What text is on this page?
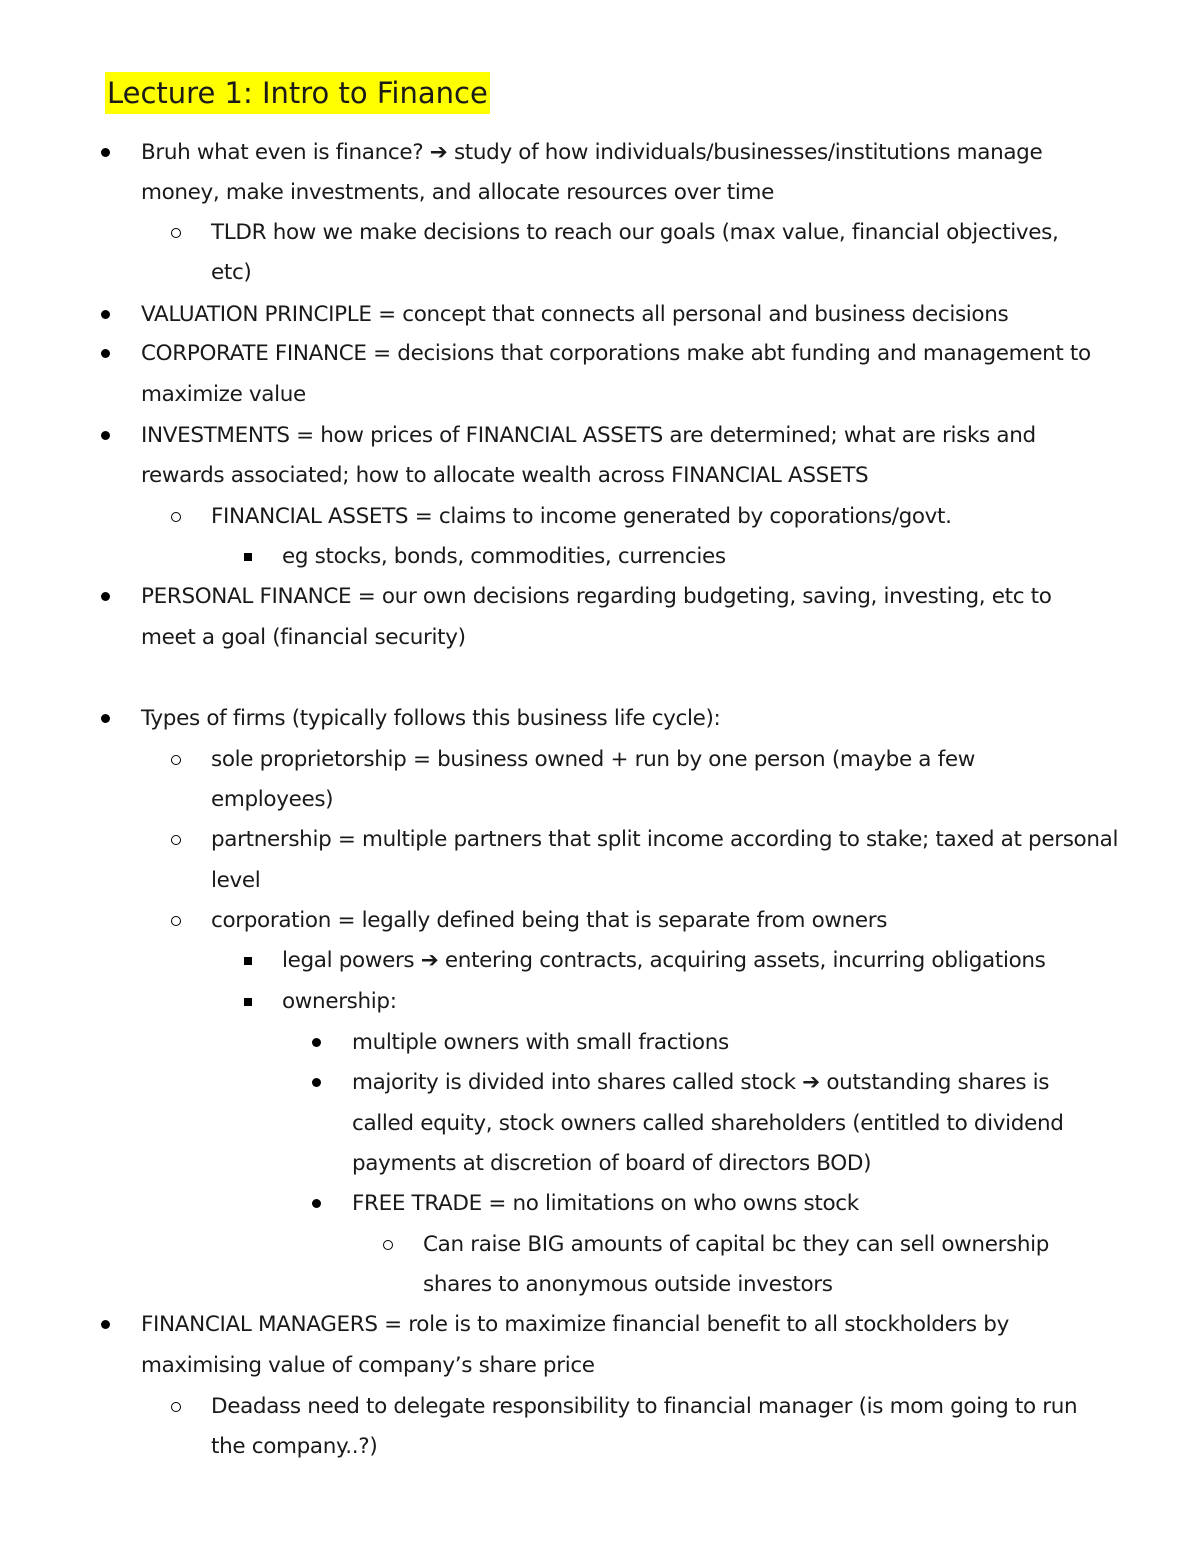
Lecture 1: Intro to Finance
Bruh what even is finance? ➔ study of how individuals/businesses/institutions manage
money, make investments, and allocate resources over time
TLDR how we make decisions to reach our goals (max value, financial objectives,
etc)
VALUATION PRINCIPLE = concept that connects all personal and business decisions
CORPORATE FINANCE = decisions that corporations make abt funding and management to
maximize value
INVESTMENTS = how prices of FINANCIAL ASSETS are determined; what are risks and
rewards associated; how to allocate wealth across FINANCIAL ASSETS
FINANCIAL ASSETS = claims to income generated by coporations/govt.
eg stocks, bonds, commodities, currencies
PERSONAL FINANCE = our own decisions regarding budgeting, saving, investing, etc to
meet a goal (financial security)
Types of firms (typically follows this business life cycle):
sole proprietorship = business owned + run by one person (maybe a few
employees)
partnership = multiple partners that split income according to stake; taxed at personal
level
corporation = legally defined being that is separate from owners
legal powers ➔ entering contracts, acquiring assets, incurring obligations
ownership:
multiple owners with small fractions
majority is divided into shares called stock ➔ outstanding shares is
called equity, stock owners called shareholders (entitled to dividend
payments at discretion of board of directors BOD)
FREE TRADE = no limitations on who owns stock
Can raise BIG amounts of capital bc they can sell ownership
shares to anonymous outside investors
FINANCIAL MANAGERS = role is to maximize financial benefit to all stockholders by
maximising value of company’s share price
Deadass need to delegate responsibility to financial manager (is mom going to run
the company..?)
